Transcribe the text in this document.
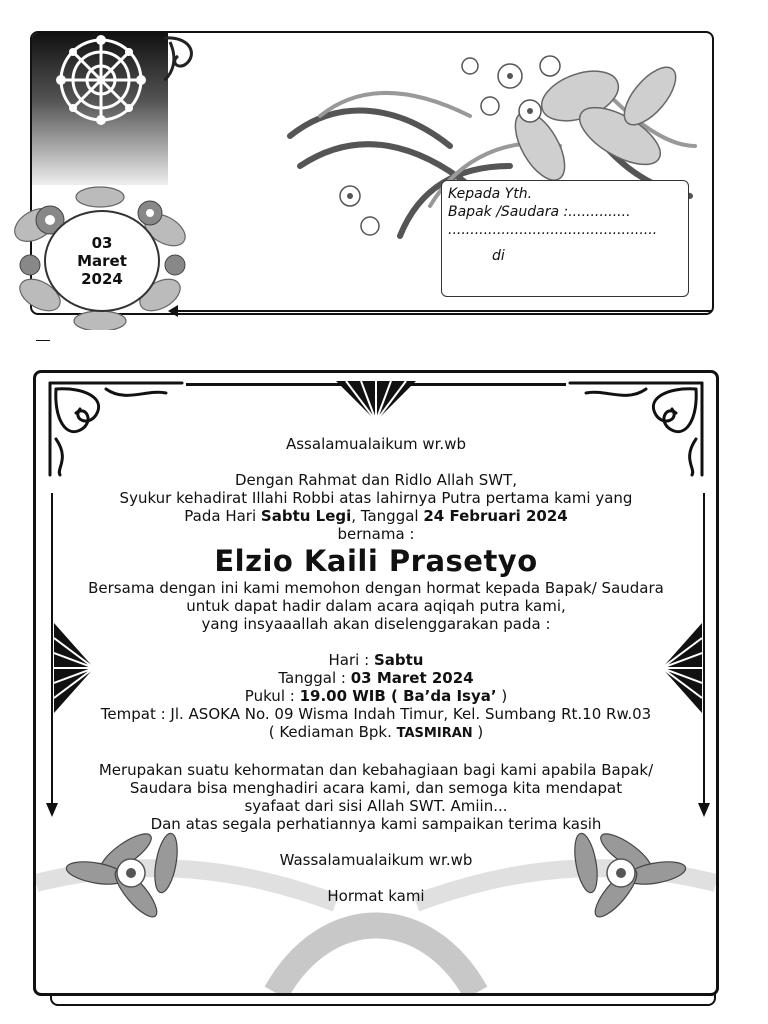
03
Maret
2024
Kepada Yth.
Bapak /Saudara :..............
...............................................
di

Assalamualaikum wr.wb

Dengan Rahmat dan Ridlo Allah SWT,

Syukur kehadirat Illahi Robbi atas lahirnya Putra pertama kami yang

Pada Hari Sabtu Legi, Tanggal 24 Februari 2024

bernama :

Elzio Kaili Prasetyo

Bersama dengan ini kami memohon dengan hormat kepada Bapak/ Saudara

untuk dapat hadir dalam acara aqiqah putra kami,

yang insyaaallah akan diselenggarakan pada :

Hari : Sabtu

Tanggal : 03 Maret 2024

Pukul : 19.00 WIB ( Ba’da Isya’ )

Tempat : Jl. ASOKA No. 09 Wisma Indah Timur, Kel. Sumbang Rt.10 Rw.03

( Kediaman Bpk. TASMIRAN )

Merupakan suatu kehormatan dan kebahagiaan bagi kami apabila Bapak/

Saudara bisa menghadiri acara kami, dan semoga kita mendapat

syafaat dari sisi Allah SWT. Amiin...

Dan atas segala perhatiannya kami sampaikan terima kasih

Wassalamualaikum wr.wb

Hormat kami
